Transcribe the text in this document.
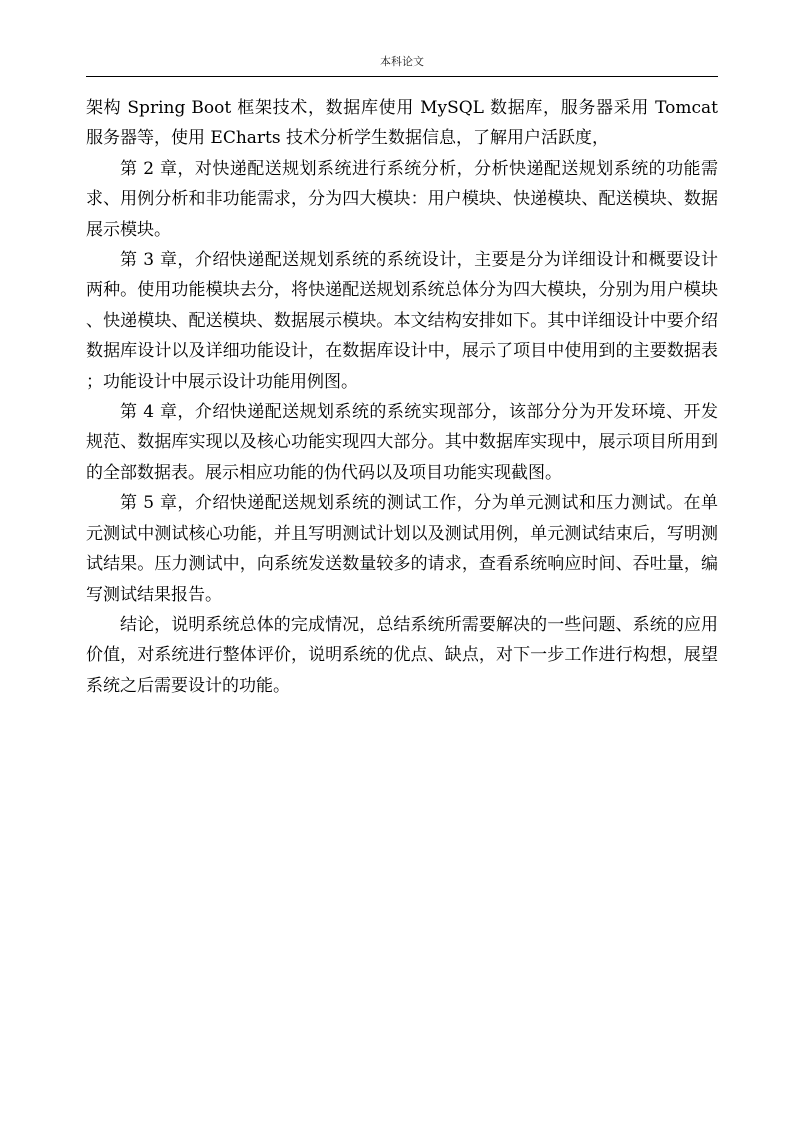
本科论文

架构 Spring Boot 框架技术，数据库使用 MySQL 数据库，服务器采用 Tomcat 服务器等，使用 ECharts 技术分析学生数据信息，了解用户活跃度，

第 2 章，对快递配送规划系统进行系统分析，分析快递配送规划系统的功能需求、用例分析和非功能需求，分为四大模块：用户模块、快递模块、配送模块、数据展示模块。

第 3 章，介绍快递配送规划系统的系统设计，主要是分为详细设计和概要设计两种。使用功能模块去分，将快递配送规划系统总体分为四大模块，分别为用户模块、快递模块、配送模块、数据展示模块。本文结构安排如下。其中详细设计中要介绍数据库设计以及详细功能设计，在数据库设计中，展示了项目中使用到的主要数据表；功能设计中展示设计功能用例图。

第 4 章，介绍快递配送规划系统的系统实现部分，该部分分为开发环境、开发规范、数据库实现以及核心功能实现四大部分。其中数据库实现中，展示项目所用到的全部数据表。展示相应功能的伪代码以及项目功能实现截图。

第 5 章，介绍快递配送规划系统的测试工作，分为单元测试和压力测试。在单元测试中测试核心功能，并且写明测试计划以及测试用例，单元测试结束后，写明测试结果。压力测试中，向系统发送数量较多的请求，查看系统响应时间、吞吐量，编写测试结果报告。

结论，说明系统总体的完成情况，总结系统所需要解决的一些问题、系统的应用价值，对系统进行整体评价，说明系统的优点、缺点，对下一步工作进行构想，展望系统之后需要设计的功能。
